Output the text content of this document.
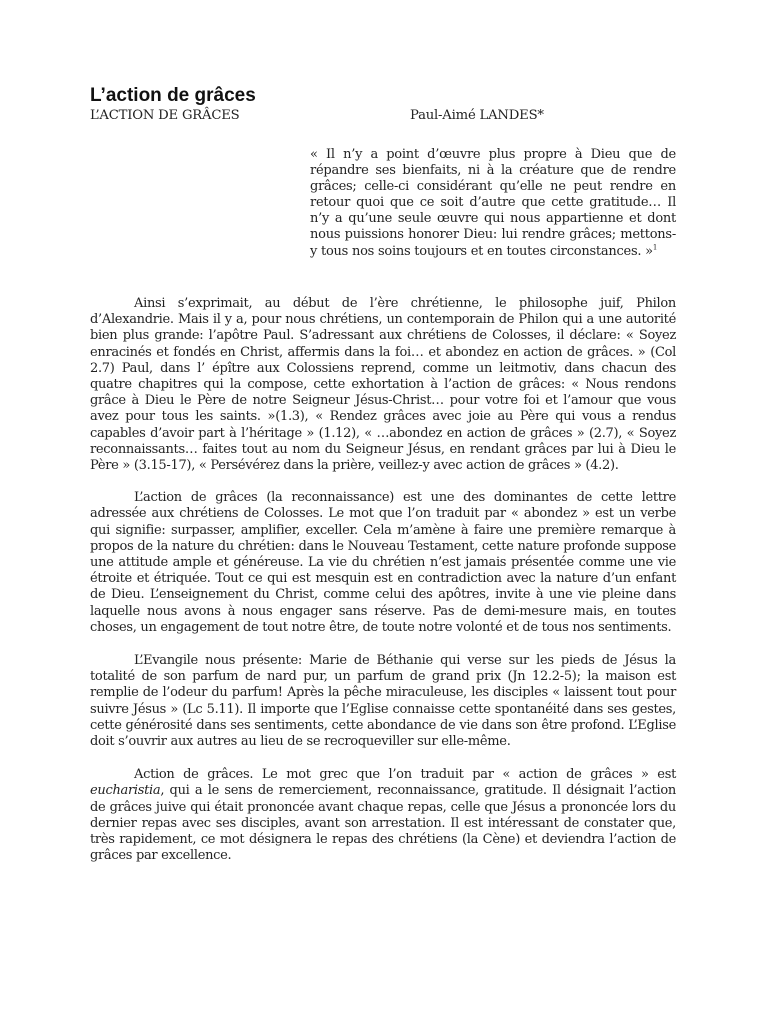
L’action de grâces
L’ACTION DE GRÂCES	Paul-Aimé LANDES*
« Il n’y a point d’œuvre plus propre à Dieu que de répandre ses bienfaits, ni à la créature que de rendre grâces; celle-ci considérant qu’elle ne peut rendre en retour quoi que ce soit d’autre que cette gratitude… Il n’y a qu’une seule œuvre qui nous appartienne et dont nous puissions honorer Dieu: lui rendre grâces; mettons-y tous nos soins toujours et en toutes circonstances. »$^1$

Ainsi s’exprimait, au début de l’ère chrétienne, le philosophe juif, Philon d’Alexandrie. Mais il y a, pour nous chrétiens, un contemporain de Philon qui a une autorité bien plus grande: l’apôtre Paul. S’adressant aux chrétiens de Colosses, il déclare: « Soyez enracinés et fondés en Christ, affermis dans la foi… et abondez en action de grâces. » (Col 2.7) Paul, dans l’ épître aux Colossiens reprend, comme un leitmotiv, dans chacun des quatre chapitres qui la compose, cette exhortation à l’action de grâces: « Nous rendons grâce à Dieu le Père de notre Seigneur Jésus-Christ… pour votre foi et l’amour que vous avez pour tous les saints. »(1.3), « Rendez grâces avec joie au Père qui vous a rendus capables d’avoir part à l’héritage » (1.12), « …abondez en action de grâces » (2.7), « Soyez reconnaissants… faites tout au nom du Seigneur Jésus, en rendant grâces par lui à Dieu le Père » (3.15-17), « Persévérez dans la prière, veillez-y avec action de grâces » (4.2).

L’action de grâces (la reconnaissance) est une des dominantes de cette lettre adressée aux chrétiens de Colosses. Le mot que l’on traduit par « abondez » est un verbe qui signifie: surpasser, amplifier, exceller. Cela m’amène à faire une première remarque à propos de la nature du chrétien: dans le Nouveau Testament, cette nature profonde suppose une attitude ample et généreuse. La vie du chrétien n’est jamais présentée comme une vie étroite et étriquée. Tout ce qui est mesquin est en contradiction avec la nature d’un enfant de Dieu. L’enseignement du Christ, comme celui des apôtres, invite à une vie pleine dans laquelle nous avons à nous engager sans réserve. Pas de demi-mesure mais, en toutes choses, un engagement de tout notre être, de toute notre volonté et de tous nos sentiments.

L’Evangile nous présente: Marie de Béthanie qui verse sur les pieds de Jésus la totalité de son parfum de nard pur, un parfum de grand prix (Jn 12.2-5); la maison est remplie de l’odeur du parfum! Après la pêche miraculeuse, les disciples « laissent tout pour suivre Jésus » (Lc 5.11). Il importe que l’Eglise connaisse cette spontanéité dans ses gestes, cette générosité dans ses sentiments, cette abondance de vie dans son être profond. L’Eglise doit s’ouvrir aux autres au lieu de se recroqueviller sur elle-même.

Action de grâces. Le mot grec que l’on traduit par « action de grâces » est eucharistia, qui a le sens de remerciement, reconnaissance, gratitude. Il désignait l’action de grâces juive qui était prononcée avant chaque repas, celle que Jésus a prononcée lors du dernier repas avec ses disciples, avant son arrestation. Il est intéressant de constater que, très rapidement, ce mot désignera le repas des chrétiens (la Cène) et deviendra l’action de grâces par excellence.
